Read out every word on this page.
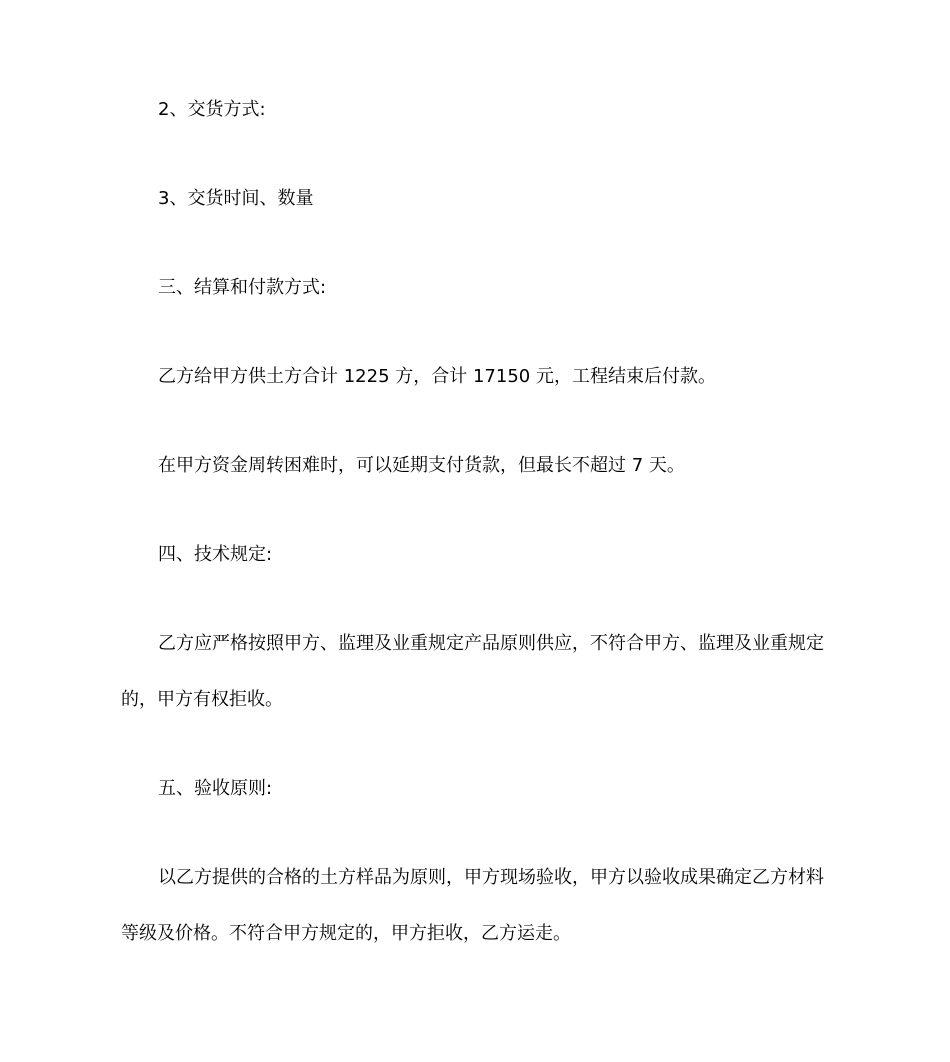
2、交货方式:
3、交货时间、数量
三、结算和付款方式:
乙方给甲方供土方合计 1225 方，合计 17150 元，工程结束后付款。
在甲方资金周转困难时，可以延期支付货款，但最长不超过 7 天。
四、技术规定:
乙方应严格按照甲方、监理及业重规定产品原则供应，不符合甲方、监理及业重规定
的，甲方有权拒收。
五、验收原则:
以乙方提供的合格的土方样品为原则，甲方现场验收，甲方以验收成果确定乙方材料
等级及价格。不符合甲方规定的，甲方拒收，乙方运走。
